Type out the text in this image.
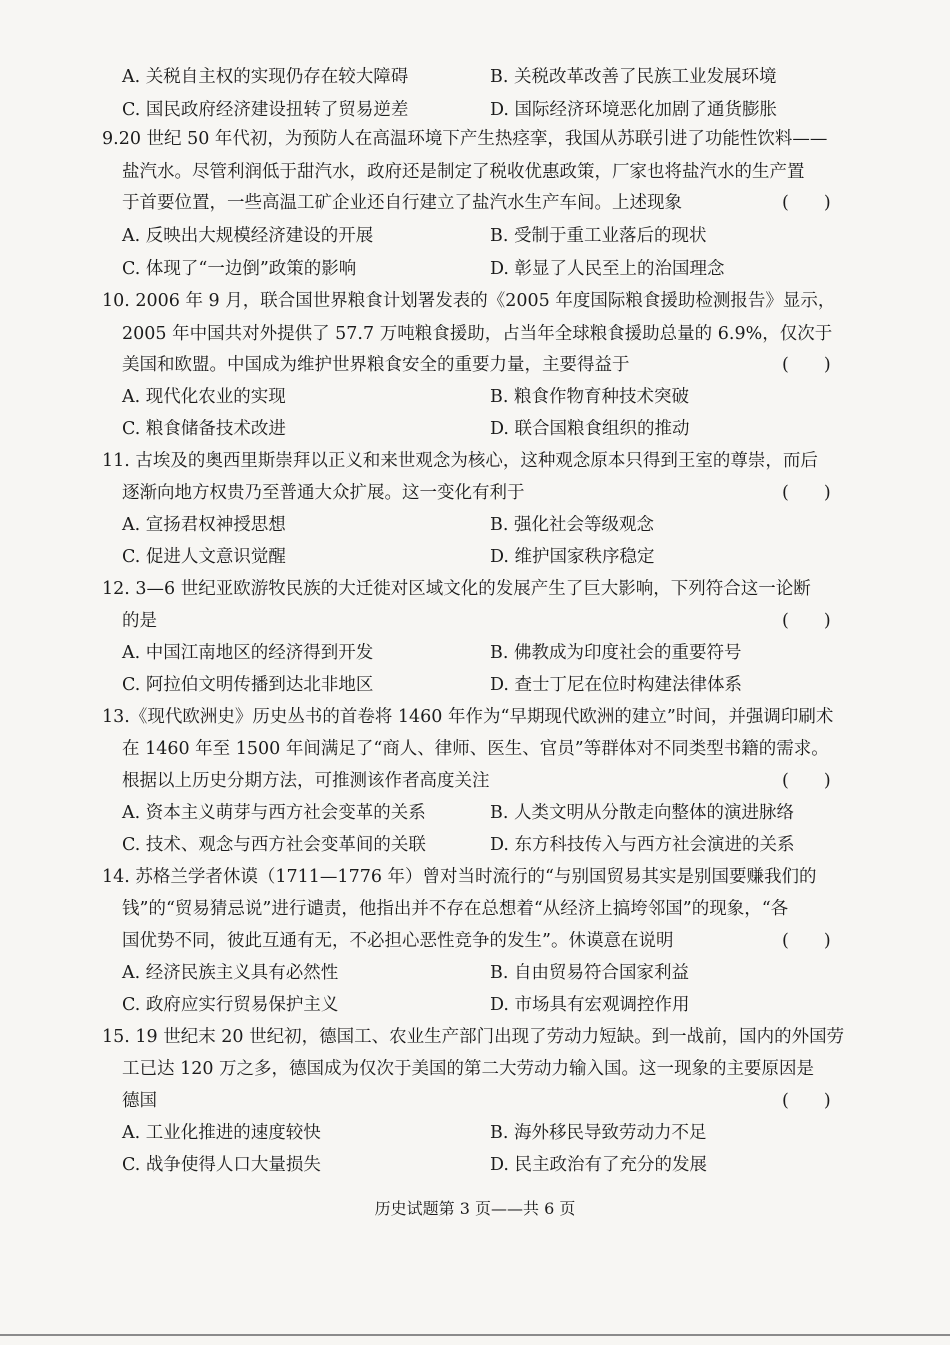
A. 关税自主权的实现仍存在较大障碍	B. 关税改革改善了民族工业发展环境
C. 国民政府经济建设扭转了贸易逆差	D. 国际经济环境恶化加剧了通货膨胀
9.20 世纪 50 年代初，为预防人在高温环境下产生热痉挛，我国从苏联引进了功能性饮料——
盐汽水。尽管利润低于甜汽水，政府还是制定了税收优惠政策，厂家也将盐汽水的生产置
于首要位置，一些高温工矿企业还自行建立了盐汽水生产车间。上述现象	(　　)
A. 反映出大规模经济建设的开展	B. 受制于重工业落后的现状
C. 体现了“一边倒”政策的影响	D. 彰显了人民至上的治国理念
10. 2006 年 9 月，联合国世界粮食计划署发表的《2005 年度国际粮食援助检测报告》显示，
2005 年中国共对外提供了 57.7 万吨粮食援助，占当年全球粮食援助总量的 6.9%，仅次于
美国和欧盟。中国成为维护世界粮食安全的重要力量，主要得益于	(　　)
A. 现代化农业的实现	B. 粮食作物育种技术突破
C. 粮食储备技术改进	D. 联合国粮食组织的推动
11. 古埃及的奥西里斯崇拜以正义和来世观念为核心，这种观念原本只得到王室的尊崇，而后
逐渐向地方权贵乃至普通大众扩展。这一变化有利于	(　　)
A. 宣扬君权神授思想	B. 强化社会等级观念
C. 促进人文意识觉醒	D. 维护国家秩序稳定
12. 3—6 世纪亚欧游牧民族的大迁徙对区域文化的发展产生了巨大影响，下列符合这一论断
的是	(　　)
A. 中国江南地区的经济得到开发	B. 佛教成为印度社会的重要符号
C. 阿拉伯文明传播到达北非地区	D. 查士丁尼在位时构建法律体系
13.《现代欧洲史》历史丛书的首卷将 1460 年作为“早期现代欧洲的建立”时间，并强调印刷术
在 1460 年至 1500 年间满足了“商人、律师、医生、官员”等群体对不同类型书籍的需求。
根据以上历史分期方法，可推测该作者高度关注	(　　)
A. 资本主义萌芽与西方社会变革的关系	B. 人类文明从分散走向整体的演进脉络
C. 技术、观念与西方社会变革间的关联	D. 东方科技传入与西方社会演进的关系
14. 苏格兰学者休谟（1711—1776 年）曾对当时流行的“与别国贸易其实是别国要赚我们的
钱”的“贸易猜忌说”进行谴责，他指出并不存在总想着“从经济上搞垮邻国”的现象，“各
国优势不同，彼此互通有无，不必担心恶性竞争的发生”。休谟意在说明	(　　)
A. 经济民族主义具有必然性	B. 自由贸易符合国家利益
C. 政府应实行贸易保护主义	D. 市场具有宏观调控作用
15. 19 世纪末 20 世纪初，德国工、农业生产部门出现了劳动力短缺。到一战前，国内的外国劳
工已达 120 万之多，德国成为仅次于美国的第二大劳动力输入国。这一现象的主要原因是
德国	(　　)
A. 工业化推进的速度较快	B. 海外移民导致劳动力不足
C. 战争使得人口大量损失	D. 民主政治有了充分的发展
历史试题第 3 页——共 6 页
